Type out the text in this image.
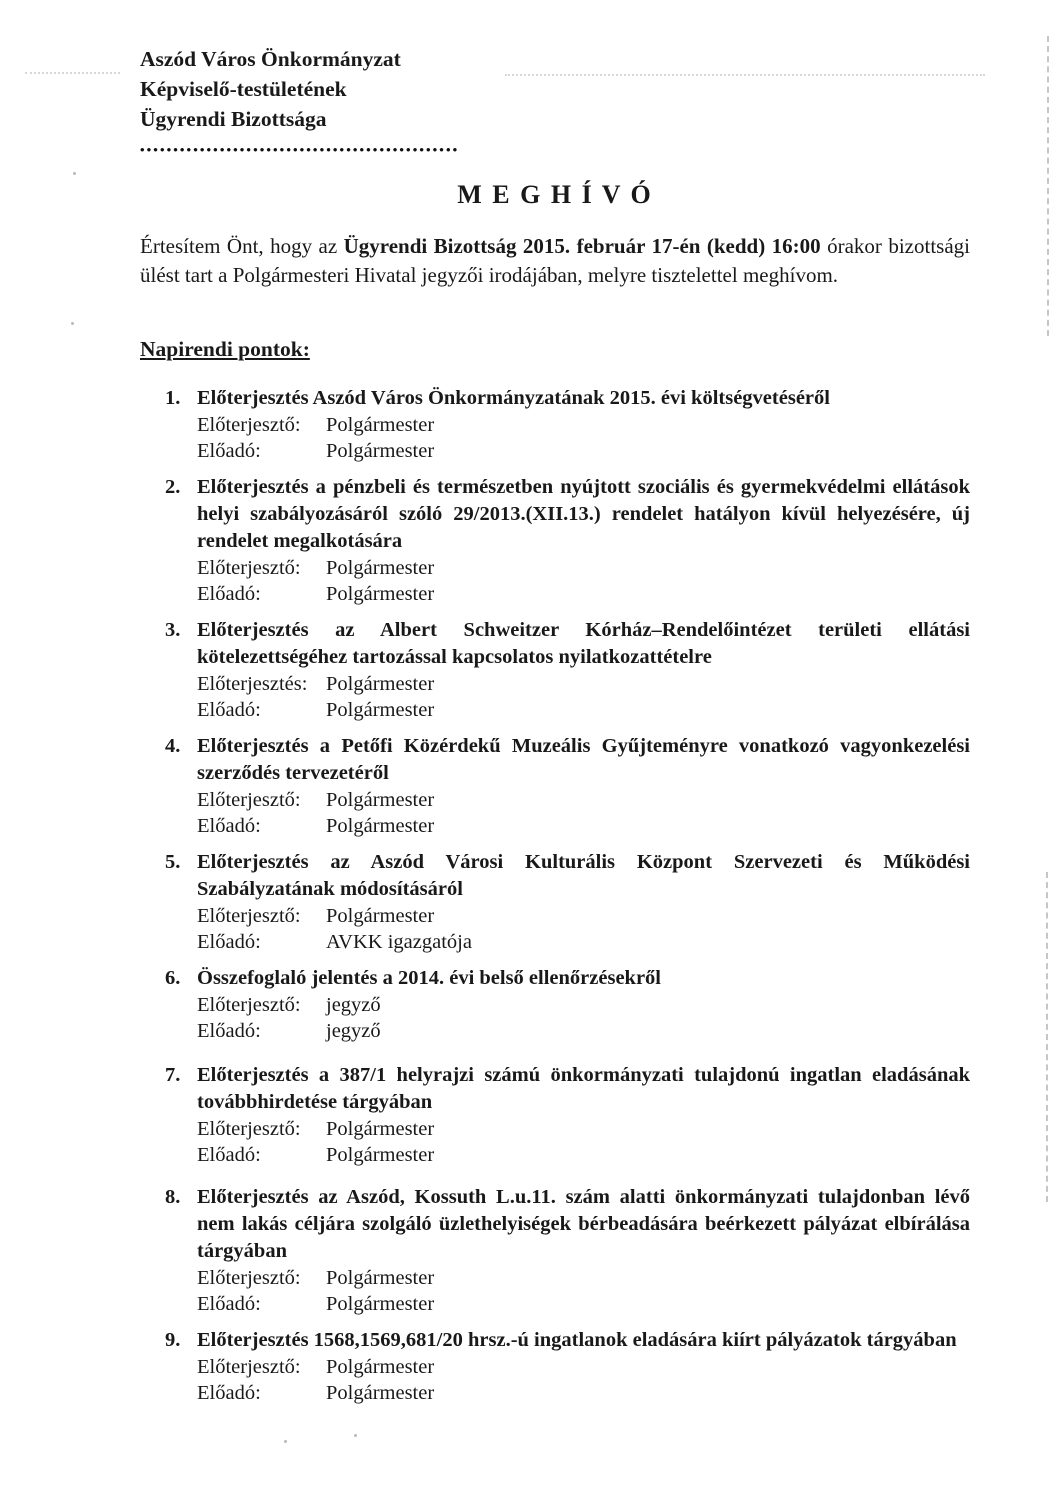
Aszód Város Önkormányzat
Képviselő-testületének
Ügyrendi Bizottsága
••••••••••••••••••••••••••••••••••••••••••••••••
M E G H Í V Ó

Értesítem Önt, hogy az Ügyrendi Bizottság 2015. február 17-én (kedd) 16:00 órakor bizottsági ülést tart a Polgármesteri Hivatal jegyzői irodájában, melyre tisztelettel meghívom.

Napirendi pontok:
1. Előterjesztés Aszód Város Önkormányzatának 2015. évi költségvetéséről
Előterjesztő:	Polgármester
Előadó:	Polgármester
2. Előterjesztés a pénzbeli és természetben nyújtott szociális és gyermekvédelmi ellátások helyi szabályozásáról szóló 29/2013.(XII.13.) rendelet hatályon kívül helyezésére, új rendelet megalkotására
Előterjesztő:	Polgármester
Előadó:	Polgármester
3. Előterjesztés az Albert Schweitzer Kórház–Rendelőintézet területi ellátási kötelezettségéhez tartozással kapcsolatos nyilatkozattételre
Előterjesztés: Polgármester
Előadó:	Polgármester
4. Előterjesztés a Petőfi Közérdekű Muzeális Gyűjteményre vonatkozó vagyonkezelési szerződés tervezetéről
Előterjesztő:	Polgármester
Előadó:	Polgármester
5. Előterjesztés az Aszód Városi Kulturális Központ Szervezeti és Működési Szabályzatának módosításáról
Előterjesztő:	Polgármester
Előadó:	AVKK igazgatója
6. Összefoglaló jelentés a 2014. évi belső ellenőrzésekről
Előterjesztő:	jegyző
Előadó:	jegyző
7. Előterjesztés a 387/1 helyrajzi számú önkormányzati tulajdonú ingatlan eladásának továbbhirdetése tárgyában
Előterjesztő:	Polgármester
Előadó:	Polgármester
8. Előterjesztés az Aszód, Kossuth L.u.11. szám alatti önkormányzati tulajdonban lévő nem lakás céljára szolgáló üzlethelyiségek bérbeadására beérkezett pályázat elbírálása tárgyában
Előterjesztő:	Polgármester
Előadó:	Polgármester
9. Előterjesztés 1568,1569,681/20 hrsz.-ú ingatlanok eladására kiírt pályázatok tárgyában
Előterjesztő:	Polgármester
Előadó:	Polgármester
